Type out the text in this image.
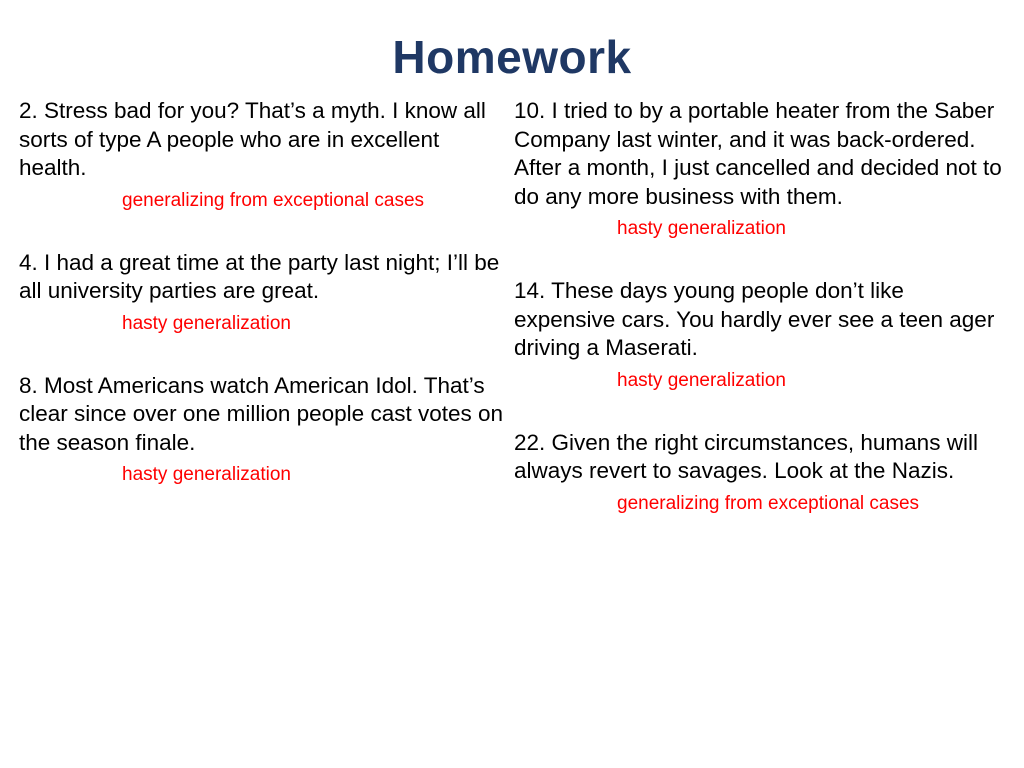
Homework

2. Stress bad for you? That’s a myth. I know all sorts of type A people who are in excellent health.

generalizing from exceptional cases

4. I had a great time at the party last night; I’ll be all university parties are great.

hasty generalization

8. Most Americans watch American Idol. That’s clear since over one million people cast votes on the season finale.

hasty generalization

10. I tried to by a portable heater from the Saber Company last winter, and it was back-ordered. After a month, I just cancelled and decided not to do any more business with them.

hasty generalization

14. These days young people don’t like expensive cars. You hardly ever see a teen ager driving a Maserati.

hasty generalization

22. Given the right circumstances, humans will always revert to savages. Look at the Nazis.

generalizing from exceptional cases
